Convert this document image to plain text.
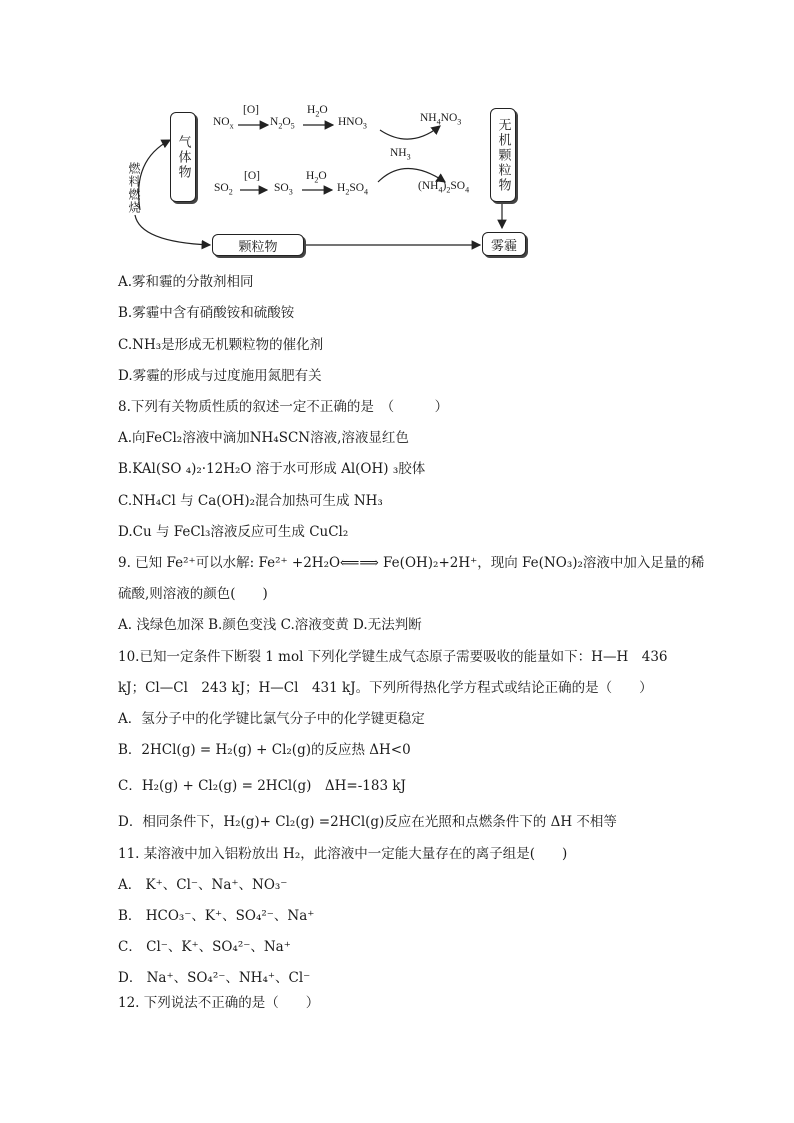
气体物	无机颗粒物
颗粒物	雾霾
燃料燃烧
$NO_x$
[O]
$N_2O_5$
$H_2O$
$HNO_3$
$NH_4NO_3$
$NH_3$
$SO_2$
[O]
$SO_3$
$H_2O$
$H_2SO_4$	$(NH_4)_2SO_4$
A.雾和霾的分散剂相同
B.雾霾中含有硝酸铵和硫酸铵
C.NH₃是形成无机颗粒物的催化剂
D.雾霾的形成与过度施用氮肥有关
8.下列有关物质性质的叙述一定不正确的是　（　　　）
A.向FeCl₂溶液中滴加NH₄SCN溶液,溶液显红色
B.KAl(SO ₄)₂·12H₂O 溶于水可形成 Al(OH) ₃胶体
C.NH₄Cl 与 Ca(OH)₂混合加热可生成 NH₃
D.Cu 与 FeCl₃溶液反应可生成 CuCl₂
9. 已知 Fe²⁺可以水解: Fe²⁺ +2H₂O⟸⟹ Fe(OH)₂+2H⁺，现向 Fe(NO₃)₂溶液中加入足量的稀
硫酸,则溶液的颜色(　　)
A. 浅绿色加深 B.颜色变浅 C.溶液变黄 D.无法判断
10.已知一定条件下断裂 1 mol 下列化学键生成气态原子需要吸收的能量如下：H—H　436
kJ；Cl—Cl　243 kJ；H—Cl　431 kJ。下列所得热化学方程式或结论正确的是（　　）
A．氢分子中的化学键比氯气分子中的化学键更稳定
B．2HCl(g) = H₂(g) + Cl₂(g)的反应热 ΔH<0
C．H₂(g) + Cl₂(g) = 2HCl(g)　ΔH=-183 kJ
D．相同条件下，H₂(g)+ Cl₂(g) =2HCl(g)反应在光照和点燃条件下的 ΔH 不相等
11. 某溶液中加入铝粉放出 H₂，此溶液中一定能大量存在的离子组是(　　)
A． K⁺、Cl⁻、Na⁺、NO₃⁻
B． HCO₃⁻、K⁺、SO₄²⁻、Na⁺
C． Cl⁻、K⁺、SO₄²⁻、Na⁺
D． Na⁺、SO₄²⁻、NH₄⁺、Cl⁻
12. 下列说法不正确的是（　　）
